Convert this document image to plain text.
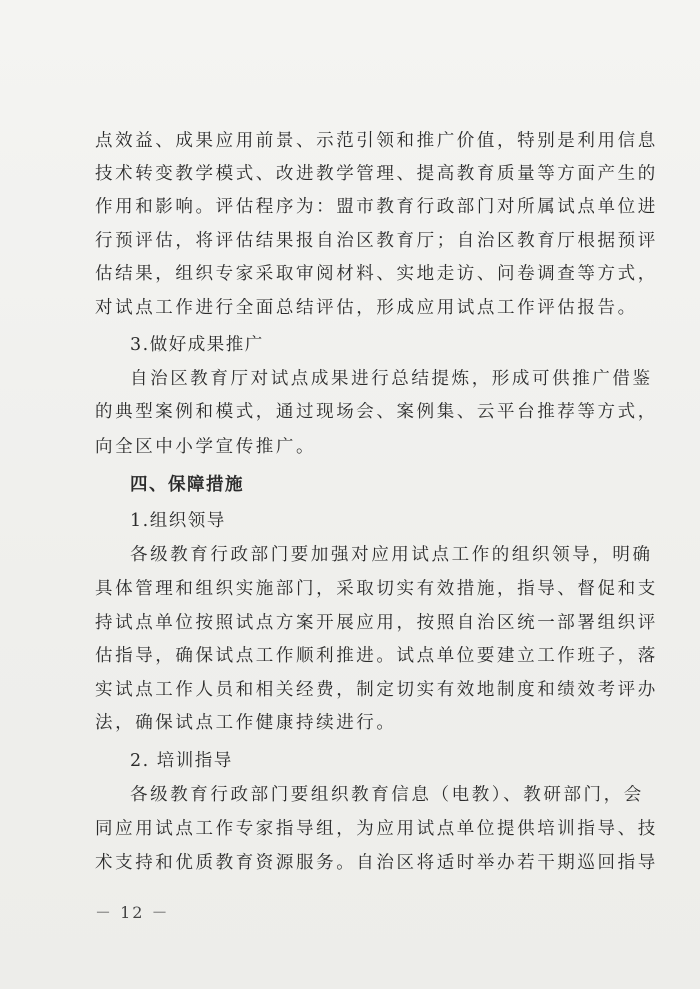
点效益、成果应用前景、示范引领和推广价值，特别是利用信息
技术转变教学模式、改进教学管理、提高教育质量等方面产生的
作用和影响。评估程序为：盟市教育行政部门对所属试点单位进
行预评估，将评估结果报自治区教育厅；自治区教育厅根据预评
估结果，组织专家采取审阅材料、实地走访、问卷调查等方式，
对试点工作进行全面总结评估，形成应用试点工作评估报告。
3.做好成果推广
自治区教育厅对试点成果进行总结提炼，形成可供推广借鉴
的典型案例和模式，通过现场会、案例集、云平台推荐等方式，
向全区中小学宣传推广。
四、保障措施
1.组织领导
各级教育行政部门要加强对应用试点工作的组织领导，明确
具体管理和组织实施部门，采取切实有效措施，指导、督促和支
持试点单位按照试点方案开展应用，按照自治区统一部署组织评
估指导，确保试点工作顺利推进。试点单位要建立工作班子，落
实试点工作人员和相关经费，制定切实有效地制度和绩效考评办
法，确保试点工作健康持续进行。
2. 培训指导
各级教育行政部门要组织教育信息（电教）、教研部门，会
同应用试点工作专家指导组，为应用试点单位提供培训指导、技
术支持和优质教育资源服务。自治区将适时举办若干期巡回指导
－ 12 －
